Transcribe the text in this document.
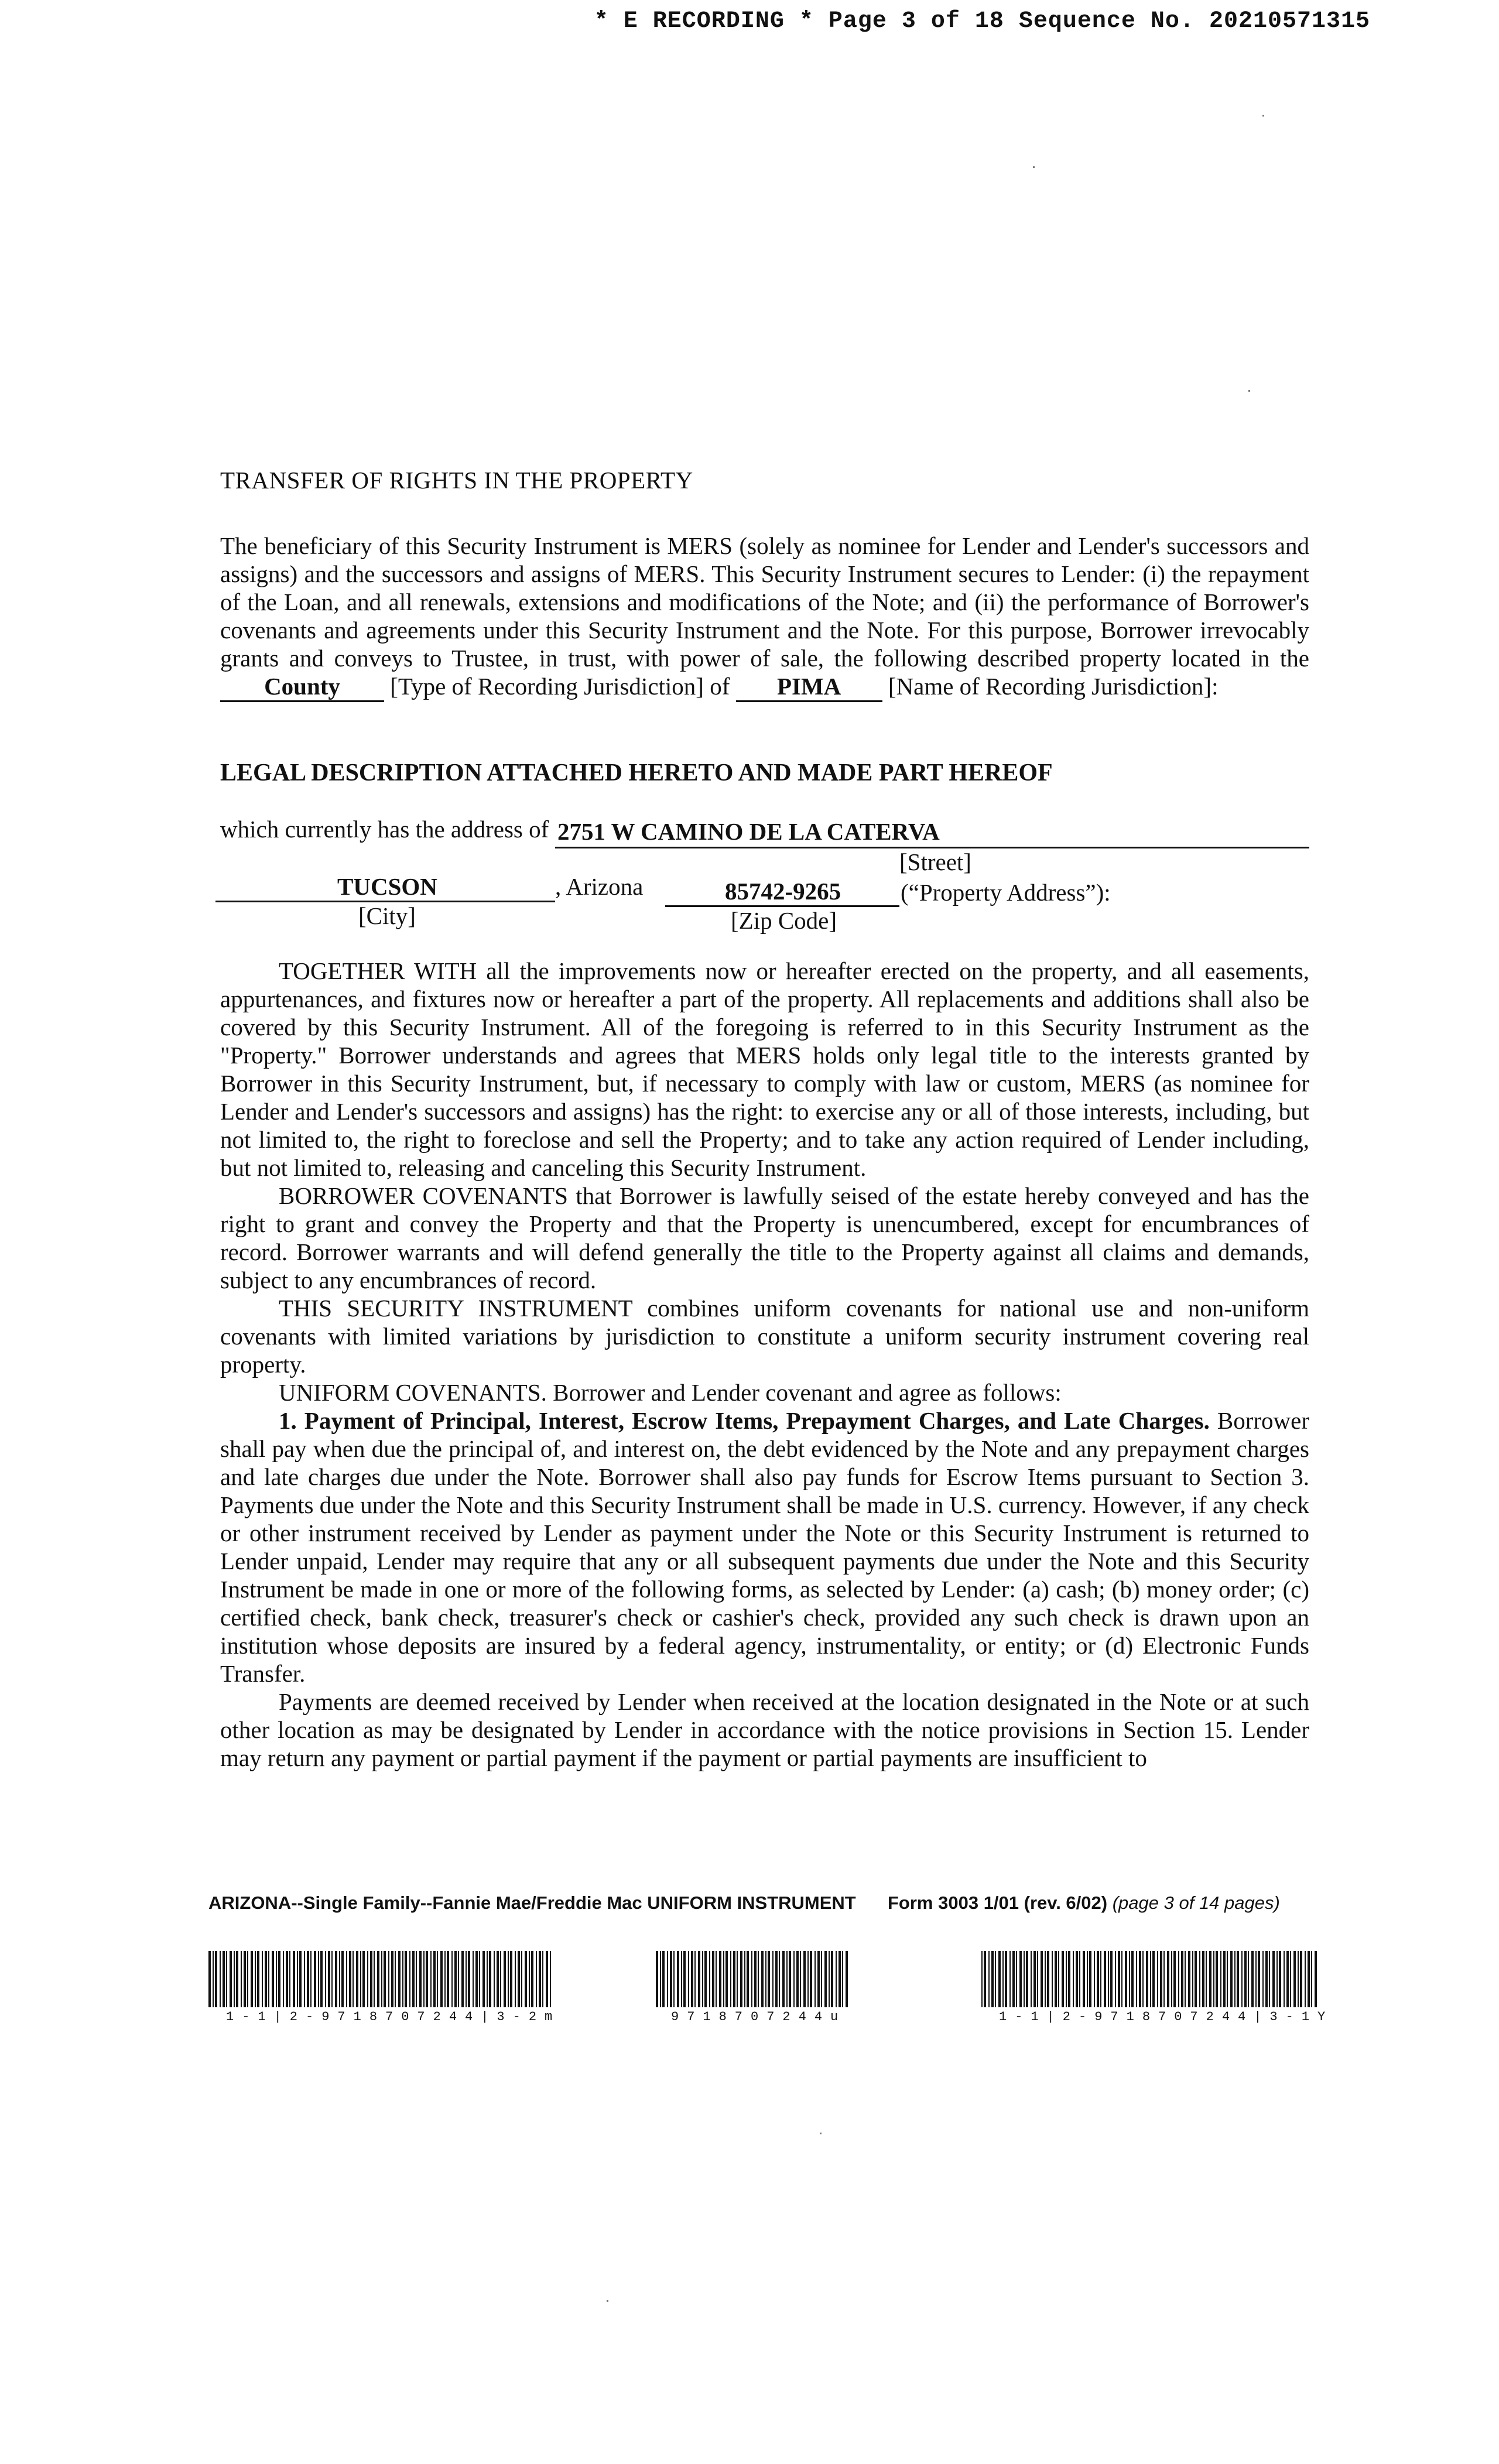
* E RECORDING * Page 3 of 18 Sequence No. 20210571315
TRANSFER OF RIGHTS IN THE PROPERTY

The beneficiary of this Security Instrument is MERS (solely as nominee for Lender and Lender's successors and assigns) and the successors and assigns of MERS. This Security Instrument secures to Lender: (i) the repayment of the Loan, and all renewals, extensions and modifications of the Note; and (ii) the performance of Borrower's covenants and agreements under this Security Instrument and the Note. For this purpose, Borrower irrevocably grants and conveys to Trustee, in trust, with power of sale, the following described property located in the County [Type of Recording Jurisdiction] of PIMA [Name of Recording Jurisdiction]:

LEGAL DESCRIPTION ATTACHED HERETO AND MADE PART HEREOF
which currently has the address of 2751 W CAMINO DE LA CATERVA
[Street]
TUCSON	, Arizona	85742-9265 (“Property Address”):
[City]	[Zip Code]

TOGETHER WITH all the improvements now or hereafter erected on the property, and all easements, appurtenances, and fixtures now or hereafter a part of the property. All replacements and additions shall also be covered by this Security Instrument. All of the foregoing is referred to in this Security Instrument as the "Property." Borrower understands and agrees that MERS holds only legal title to the interests granted by Borrower in this Security Instrument, but, if necessary to comply with law or custom, MERS (as nominee for Lender and Lender's successors and assigns) has the right: to exercise any or all of those interests, including, but not limited to, the right to foreclose and sell the Property; and to take any action required of Lender including, but not limited to, releasing and canceling this Security Instrument.

BORROWER COVENANTS that Borrower is lawfully seised of the estate hereby conveyed and has the right to grant and convey the Property and that the Property is unencumbered, except for encumbrances of record. Borrower warrants and will defend generally the title to the Property against all claims and demands, subject to any encumbrances of record.

THIS SECURITY INSTRUMENT combines uniform covenants for national use and non-uniform covenants with limited variations by jurisdiction to constitute a uniform security instrument covering real property.

UNIFORM COVENANTS. Borrower and Lender covenant and agree as follows:

1. Payment of Principal, Interest, Escrow Items, Prepayment Charges, and Late Charges. Borrower shall pay when due the principal of, and interest on, the debt evidenced by the Note and any prepayment charges and late charges due under the Note. Borrower shall also pay funds for Escrow Items pursuant to Section 3. Payments due under the Note and this Security Instrument shall be made in U.S. currency. However, if any check or other instrument received by Lender as payment under the Note or this Security Instrument is returned to Lender unpaid, Lender may require that any or all subsequent payments due under the Note and this Security Instrument be made in one or more of the following forms, as selected by Lender: (a) cash; (b) money order; (c) certified check, bank check, treasurer's check or cashier's check, provided any such check is drawn upon an institution whose deposits are insured by a federal agency, instrumentality, or entity; or (d) Electronic Funds Transfer.

Payments are deemed received by Lender when received at the location designated in the Note or at such other location as may be designated by Lender in accordance with the notice provisions in Section 15. Lender may return any payment or partial payment if the payment or partial payments are insufficient to

ARIZONA--Single Family--Fannie Mae/Freddie Mac UNIFORM INSTRUMENT Form 3003 1/01 (rev. 6/02) (page 3 of 14 pages)
1-1|2-9718707244|3-2m	9718707244u	1-1|2-9718707244|3-1Y
